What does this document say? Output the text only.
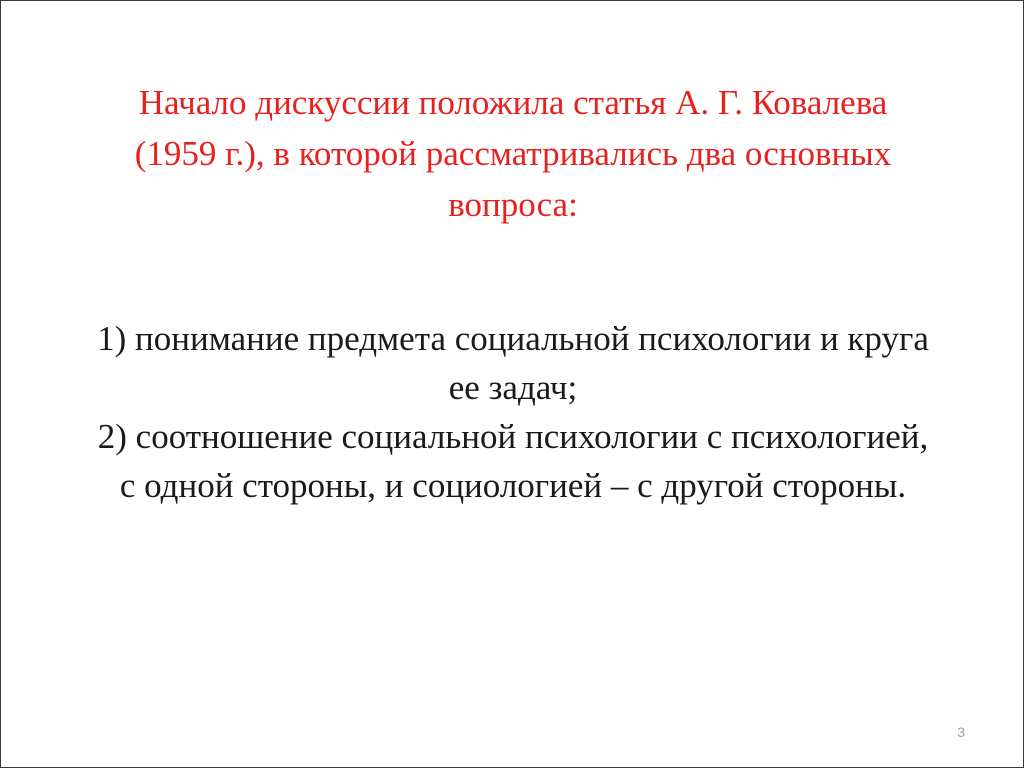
Начало дискуссии положила статья А. Г. Ковалева
(1959 г.), в которой рассматривались два основных
вопроса:
1) понимание предмета социальной психологии и круга
ее задач;
2) соотношение социальной психологии с психологией,
с одной стороны, и социологией – с другой стороны.
3
